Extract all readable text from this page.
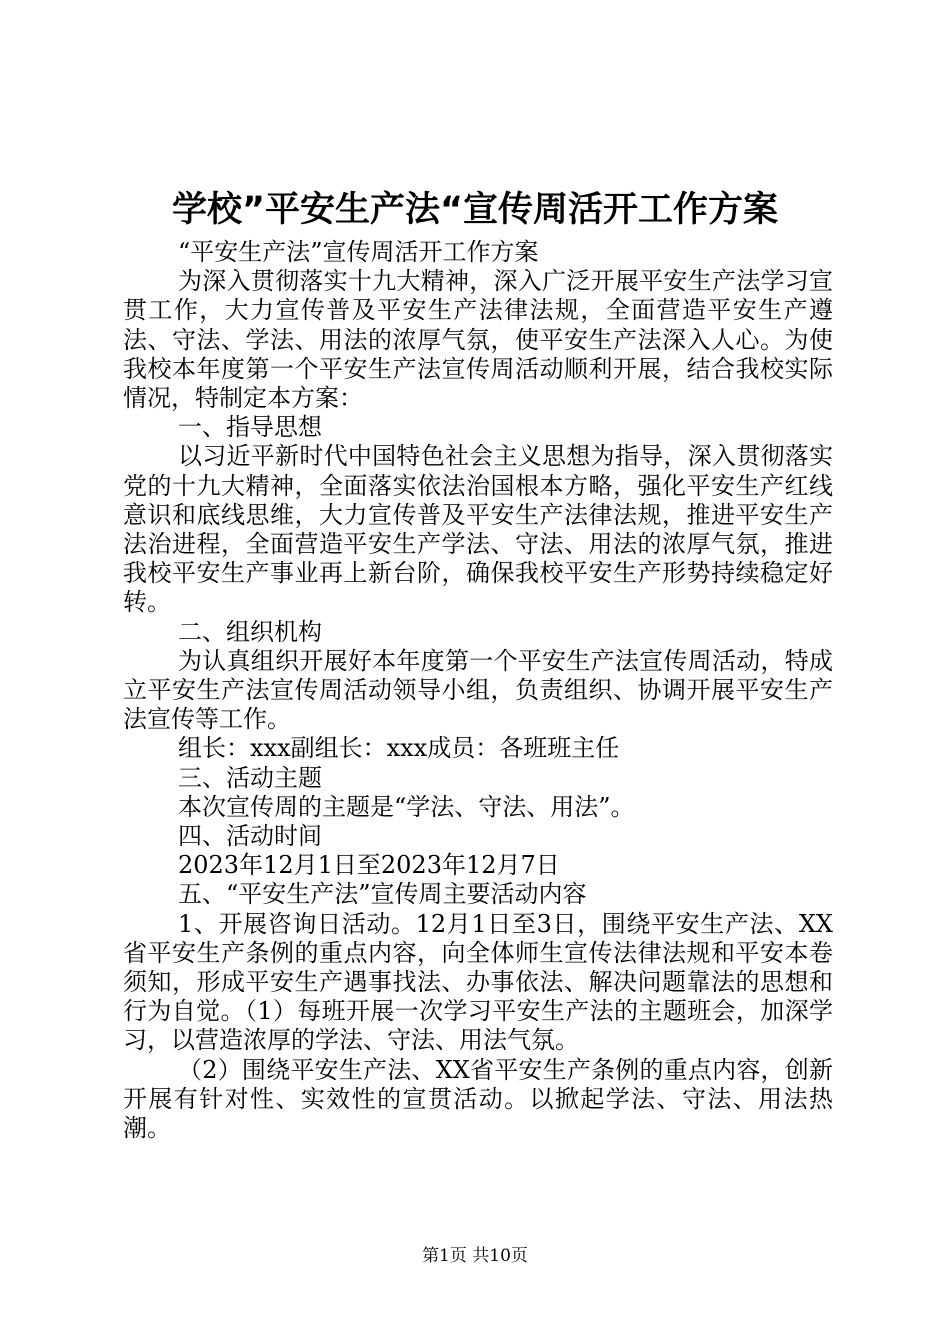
学校”平安生产法“宣传周活开工作方案

“平安生产法”宣传周活开工作方案

为深入贯彻落实十九大精神，深入广泛开展平安生产法学习宣贯工作，大力宣传普及平安生产法律法规，全面营造平安生产遵法、守法、学法、用法的浓厚气氛，使平安生产法深入人心。为使我校本年度第一个平安生产法宣传周活动顺利开展，结合我校实际情况，特制定本方案：

一、指导思想

以习近平新时代中国特色社会主义思想为指导，深入贯彻落实党的十九大精神，全面落实依法治国根本方略，强化平安生产红线意识和底线思维，大力宣传普及平安生产法律法规，推进平安生产法治进程，全面营造平安生产学法、守法、用法的浓厚气氛，推进我校平安生产事业再上新台阶，确保我校平安生产形势持续稳定好转。

二、组织机构

为认真组织开展好本年度第一个平安生产法宣传周活动，特成立平安生产法宣传周活动领导小组，负责组织、协调开展平安生产法宣传等工作。

组长：xxx副组长：xxx成员：各班班主任

三、活动主题

本次宣传周的主题是“学法、守法、用法”。

四、活动时间

2023年12月1日至2023年12月7日

五、“平安生产法”宣传周主要活动内容

1、开展咨询日活动。12月1日至3日，围绕平安生产法、XX省平安生产条例的重点内容，向全体师生宣传法律法规和平安本卷须知，形成平安生产遇事找法、办事依法、解决问题靠法的思想和行为自觉。（1）每班开展一次学习平安生产法的主题班会，加深学习，以营造浓厚的学法、守法、用法气氛。

（2）围绕平安生产法、XX省平安生产条例的重点内容，创新开展有针对性、实效性的宣贯活动。以掀起学法、守法、用法热潮。

第1页 共10页
